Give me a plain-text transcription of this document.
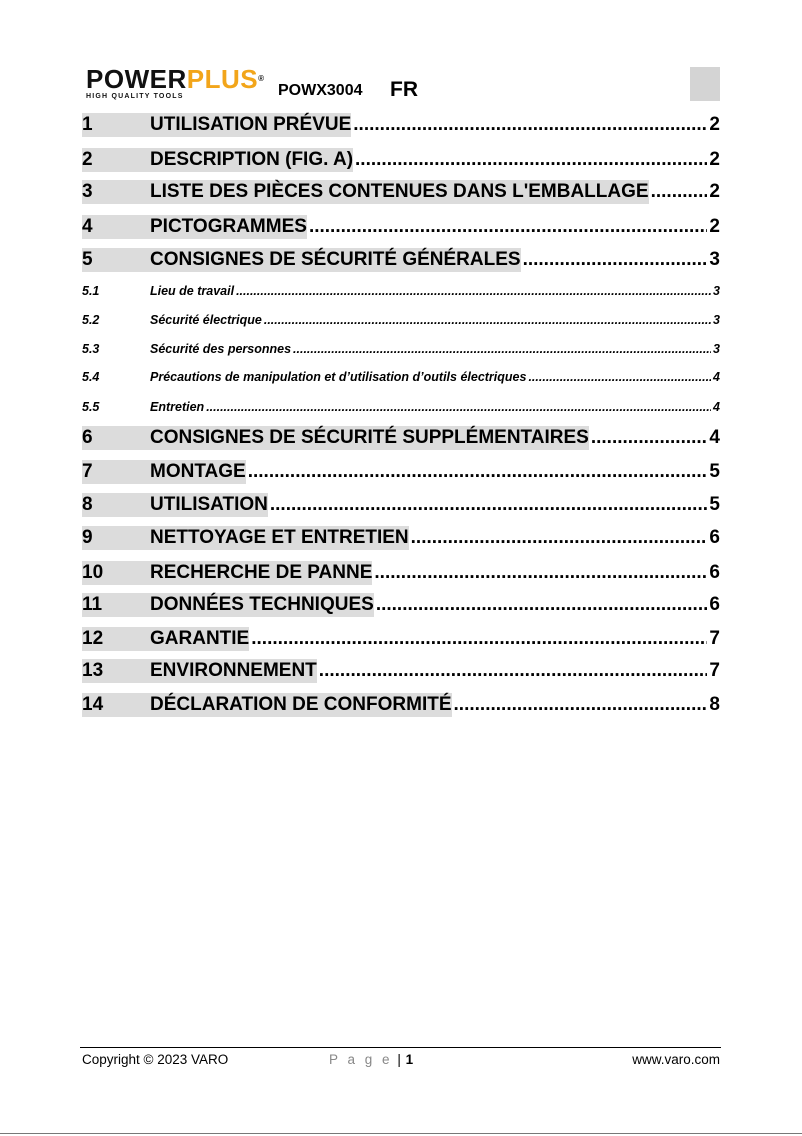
POWERPLUS®
HIGH QUALITY TOOLS	POWX3004 FR
1	UTILISATION PRÉVUE .....	2
2	DESCRIPTION (FIG. A) .....	2
3	LISTE DES PIÈCES CONTENUES DANS L'EMBALLAGE .....	2
4	PICTOGRAMMES .....	2
5	CONSIGNES DE SÉCURITÉ GÉNÉRALES .....	3
5.1	Lieu de travail .....	3
5.2	Sécurité électrique .....	3
5.3	Sécurité des personnes .....	3
5.4	Précautions de manipulation et d’utilisation d’outils électriques .....	4
5.5	Entretien .....	4
6	CONSIGNES DE SÉCURITÉ SUPPLÉMENTAIRES .....	4
7	MONTAGE .....	5
8	UTILISATION .....	5
9	NETTOYAGE ET ENTRETIEN .....	6
10	RECHERCHE DE PANNE .....	6
11	DONNÉES TECHNIQUES .....	6
12	GARANTIE .....	7
13	ENVIRONNEMENT .....	7
14	DÉCLARATION DE CONFORMITÉ .....	8
Copyright © 2023 VARO	P a g e | 1	www.varo.com
